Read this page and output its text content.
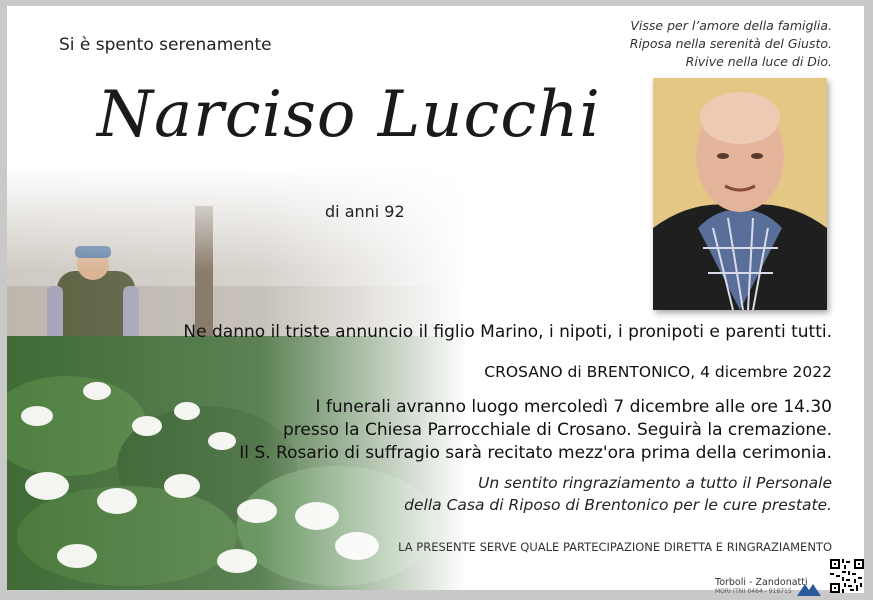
Si è spento serenamente
Visse per l’amore della famiglia.
Riposa nella serenità del Giusto.
Rivive nella luce di Dio.
Narciso Lucchi
di anni 92
Ne danno il triste annuncio il figlio Marino, i nipoti, i pronipoti e parenti tutti.
CROSANO di BRENTONICO, 4 dicembre 2022
I funerali avranno luogo mercoledì 7 dicembre alle ore 14.30
presso la Chiesa Parrocchiale di Crosano. Seguirà la cremazione.
Il S. Rosario di suffragio sarà recitato mezz'ora prima della cerimonia.
Un sentito ringraziamento a tutto il Personale
della Casa di Riposo di Brentonico per le cure prestate.
LA PRESENTE SERVE QUALE PARTECIPAZIONE DIRETTA E RINGRAZIAMENTO
Torboli - Zandonatti
MORI (TN) 0464 - 918715
